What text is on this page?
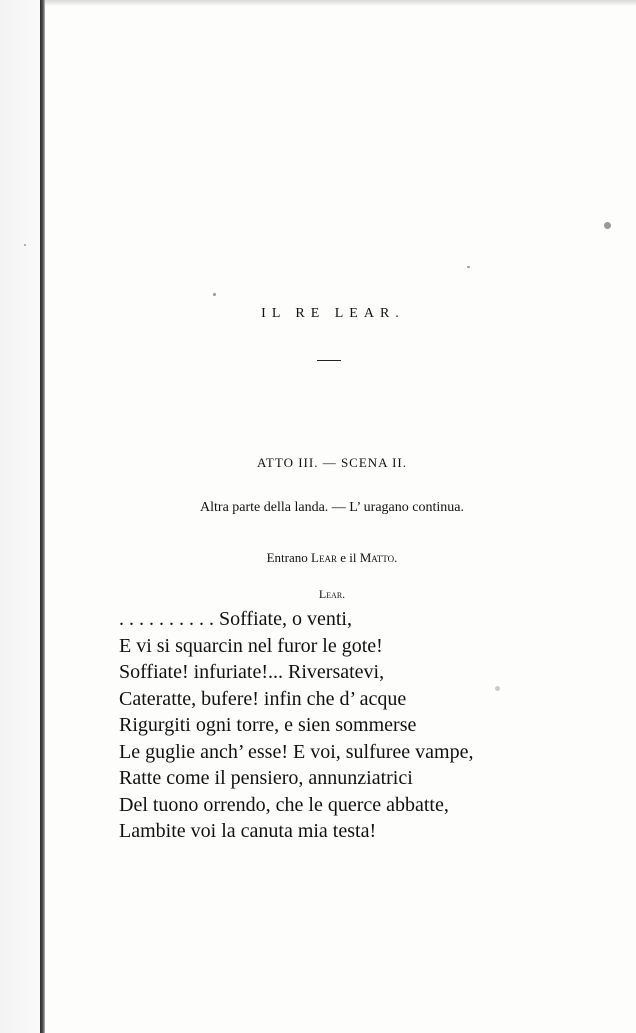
IL RE LEAR.
ATTO III. — SCENA II.
Altra parte della landa. — L’ uragano continua.
Entrano Lear e il Matto.
Lear.
. . . . . . . . . . Soffiate, o venti,
E vi si squarcin nel furor le gote!
Soffiate! infuriate!... Riversatevi,
Cateratte, bufere! infin che d’ acque
Rigurgiti ogni torre, e sien sommerse
Le guglie anch’ esse! E voi, sulfuree vampe,
Ratte come il pensiero, annunziatrici
Del tuono orrendo, che le querce abbatte,
Lambite voi la canuta mia testa!
